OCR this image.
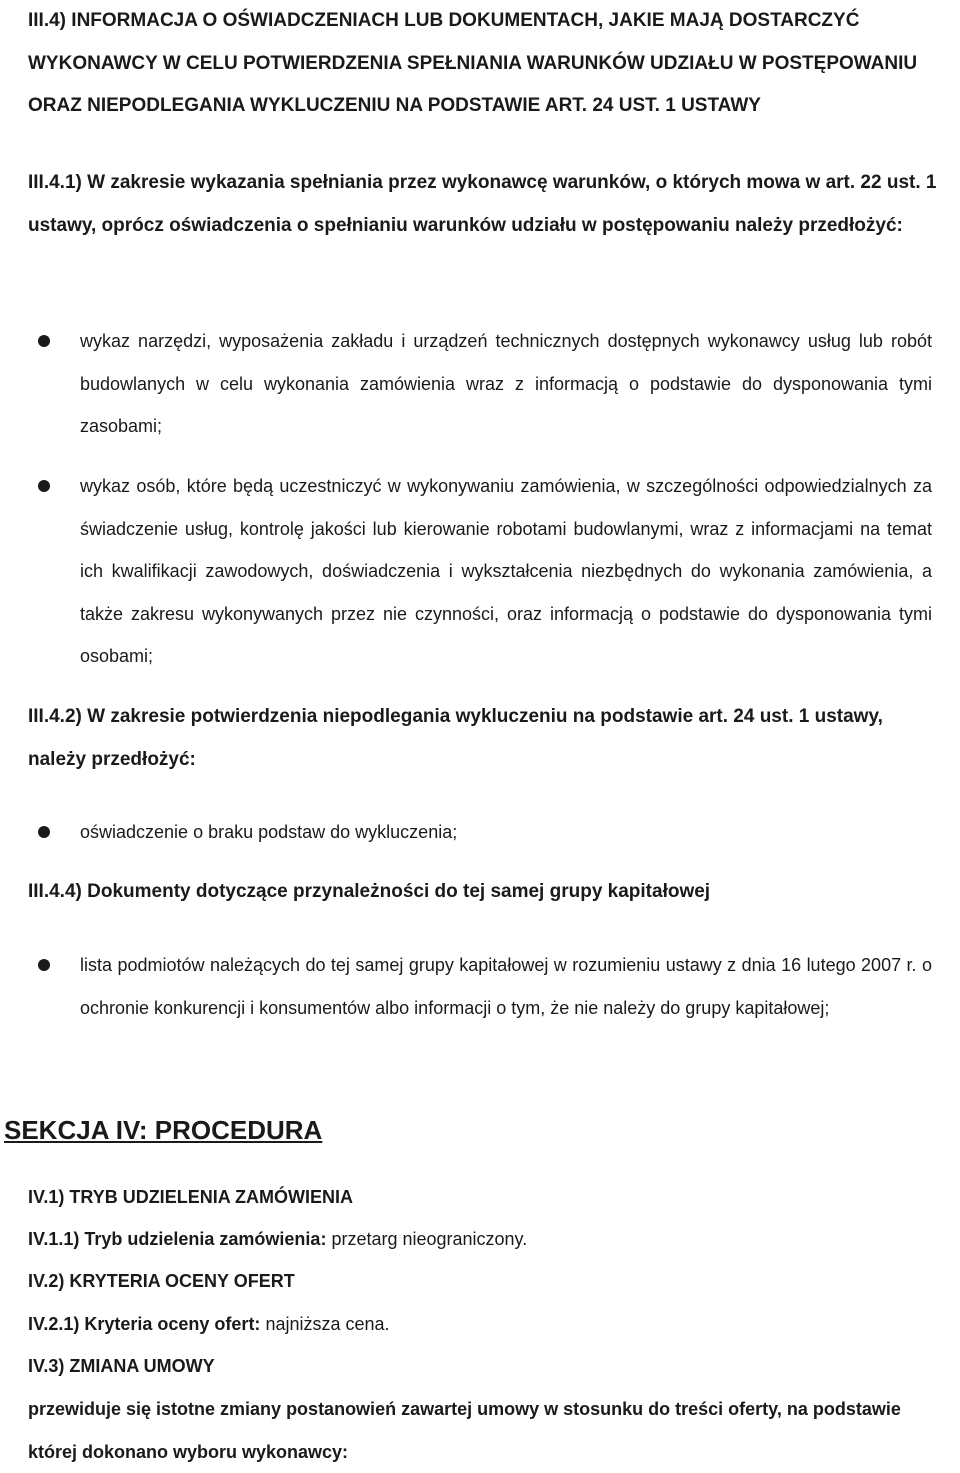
III.4) INFORMACJA O OŚWIADCZENIACH LUB DOKUMENTACH, JAKIE MAJĄ DOSTARCZYĆ WYKONAWCY W CELU POTWIERDZENIA SPEŁNIANIA WARUNKÓW UDZIAŁU W POSTĘPOWANIU ORAZ NIEPODLEGANIA WYKLUCZENIU NA PODSTAWIE ART. 24 UST. 1 USTAWY
III.4.1) W zakresie wykazania spełniania przez wykonawcę warunków, o których mowa w art. 22 ust. 1 ustawy, oprócz oświadczenia o spełnianiu warunków udziału w postępowaniu należy przedłożyć:
wykaz narzędzi, wyposażenia zakładu i urządzeń technicznych dostępnych wykonawcy usług lub robót budowlanych w celu wykonania zamówienia wraz z informacją o podstawie do dysponowania tymi zasobami;
wykaz osób, które będą uczestniczyć w wykonywaniu zamówienia, w szczególności odpowiedzialnych za świadczenie usług, kontrolę jakości lub kierowanie robotami budowlanymi, wraz z informacjami na temat ich kwalifikacji zawodowych, doświadczenia i wykształcenia niezbędnych do wykonania zamówienia, a także zakresu wykonywanych przez nie czynności, oraz informacją o podstawie do dysponowania tymi osobami;
III.4.2) W zakresie potwierdzenia niepodlegania wykluczeniu na podstawie art. 24 ust. 1 ustawy, należy przedłożyć:
oświadczenie o braku podstaw do wykluczenia;
III.4.4) Dokumenty dotyczące przynależności do tej samej grupy kapitałowej
lista podmiotów należących do tej samej grupy kapitałowej w rozumieniu ustawy z dnia 16 lutego 2007 r. o ochronie konkurencji i konsumentów albo informacji o tym, że nie należy do grupy kapitałowej;
SEKCJA IV: PROCEDURA
IV.1) TRYB UDZIELENIA ZAMÓWIENIA
IV.1.1) Tryb udzielenia zamówienia: przetarg nieograniczony.
IV.2) KRYTERIA OCENY OFERT
IV.2.1) Kryteria oceny ofert: najniższa cena.
IV.3) ZMIANA UMOWY
przewiduje się istotne zmiany postanowień zawartej umowy w stosunku do treści oferty, na podstawie której dokonano wyboru wykonawcy:
